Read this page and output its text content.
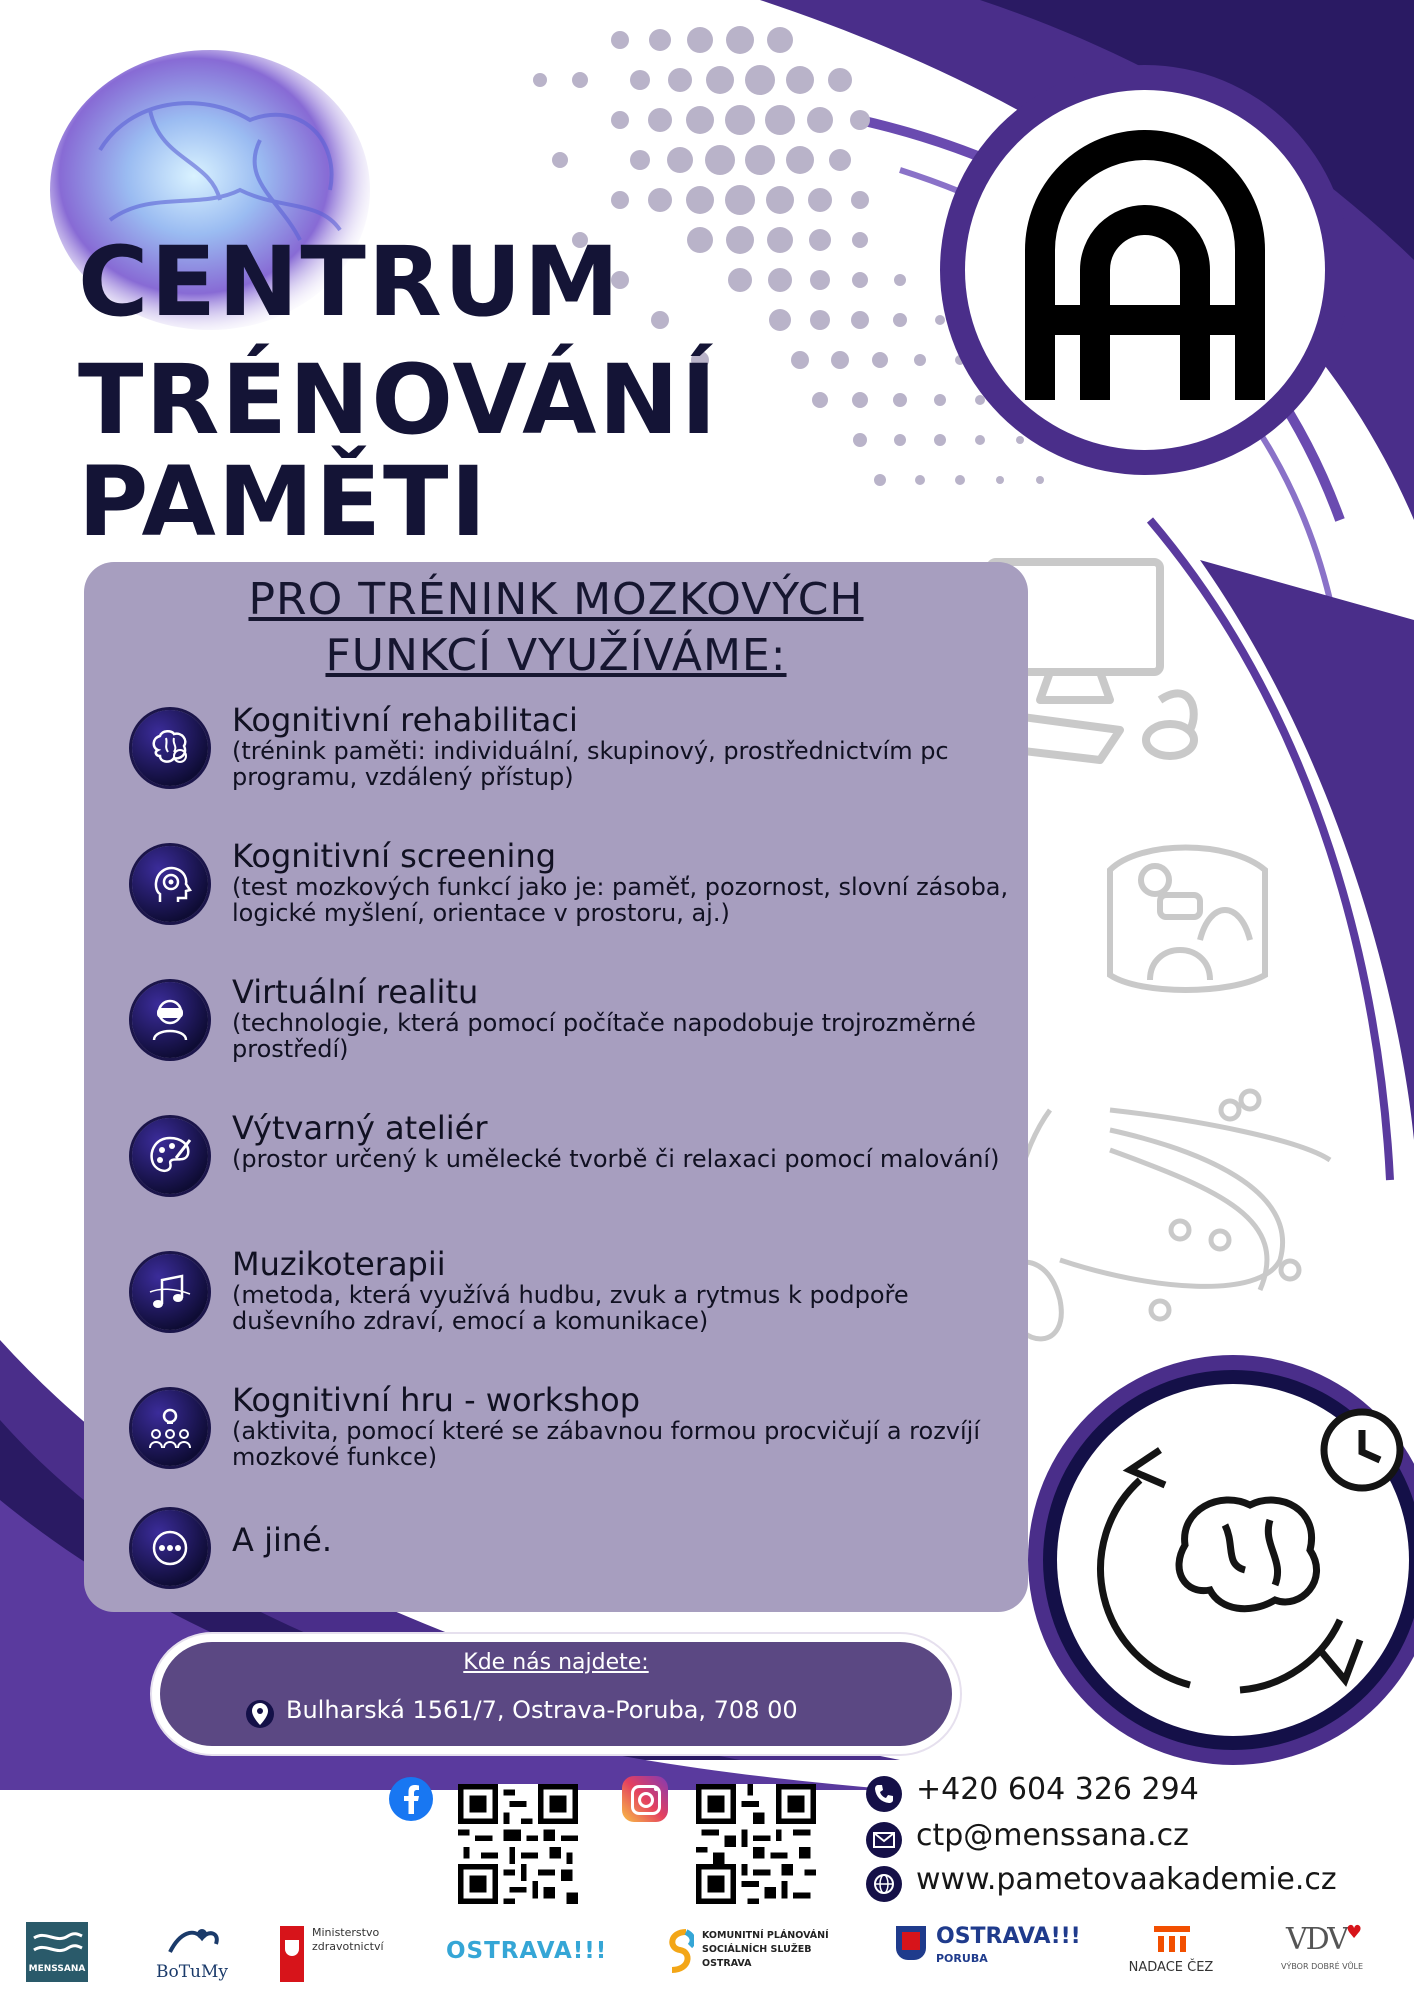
CENTRUM
TRÉNOVÁNÍ
PAMĚTI
PRO TRÉNINK MOZKOVÝCH
FUNKCÍ VYUŽÍVÁME:
Kognitivní rehabilitaci
(trénink paměti: individuální, skupinový, prostřednictvím pc programu, vzdálený přístup)
Kognitivní screening
(test mozkových funkcí jako je: paměť, pozornost, slovní zásoba, logické myšlení, orientace v prostoru, aj.)
Virtuální realitu
(technologie, která pomocí počítače napodobuje trojrozměrné prostředí)
Výtvarný ateliér
(prostor určený k umělecké tvorbě či relaxaci pomocí malování)
Muzikoterapii
(metoda, která využívá hudbu, zvuk a rytmus k podpoře duševního zdraví, emocí a komunikace)
Kognitivní hru - workshop
(aktivita, pomocí které se zábavnou formou procvičují a rozvíjí mozkové funkce)
A jiné.
Kde nás najdete:
Bulharská 1561/7, Ostrava-Poruba, 708 00
+420 604 326 294
ctp@menssana.cz
www.pametovaakademie.cz
MENSSANA	BoTuMy
Ministerstvo
zdravotnictví	OSTRAVA!!!
KOMUNITNÍ PLÁNOVÁNÍ
SOCIÁLNÍCH SLUŽEB
OSTRAVA
OSTRAVA!!!
PORUBA
NADACE ČEZ
VDV ♥
VÝBOR DOBRÉ VŮLE
